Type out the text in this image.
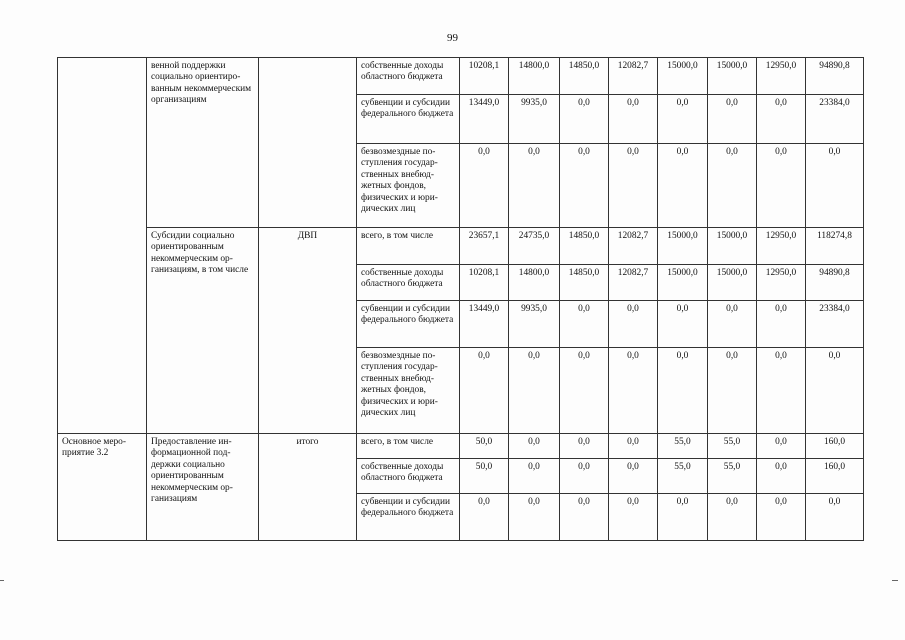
99
	венной поддержки социально ориентированным некоммерческим организациям		собственные доходы областного бюджета	10208,1	14800,0	14850,0	12082,7	15000,0	15000,0	12950,0	94890,8
			субвенции и субсидии федерального бюджета	13449,0	9935,0	0,0	0,0	0,0	0,0	0,0	23384,0
			безвозмездные поступления государственных внебюджетных фондов, физических и юридических лиц	0,0	0,0	0,0	0,0	0,0	0,0	0,0	0,0
	Субсидии социально ориентированным некоммерческим организациям, в том числе	ДВП	всего, в том числе	23657,1	24735,0	14850,0	12082,7	15000,0	15000,0	12950,0	118274,8
			собственные доходы областного бюджета	10208,1	14800,0	14850,0	12082,7	15000,0	15000,0	12950,0	94890,8
			субвенции и субсидии федерального бюджета	13449,0	9935,0	0,0	0,0	0,0	0,0	0,0	23384,0
			безвозмездные поступления государственных внебюджетных фондов, физических и юридических лиц	0,0	0,0	0,0	0,0	0,0	0,0	0,0	0,0
Основное мероприятие 3.2	Предоставление информационной поддержки социально ориентированным некоммерческим организациям	итого	всего, в том числе	50,0	0,0	0,0	0,0	55,0	55,0	0,0	160,0
			собственные доходы областного бюджета	50,0	0,0	0,0	0,0	55,0	55,0	0,0	160,0
			субвенции и субсидии федерального бюджета	0,0	0,0	0,0	0,0	0,0	0,0	0,0	0,0
